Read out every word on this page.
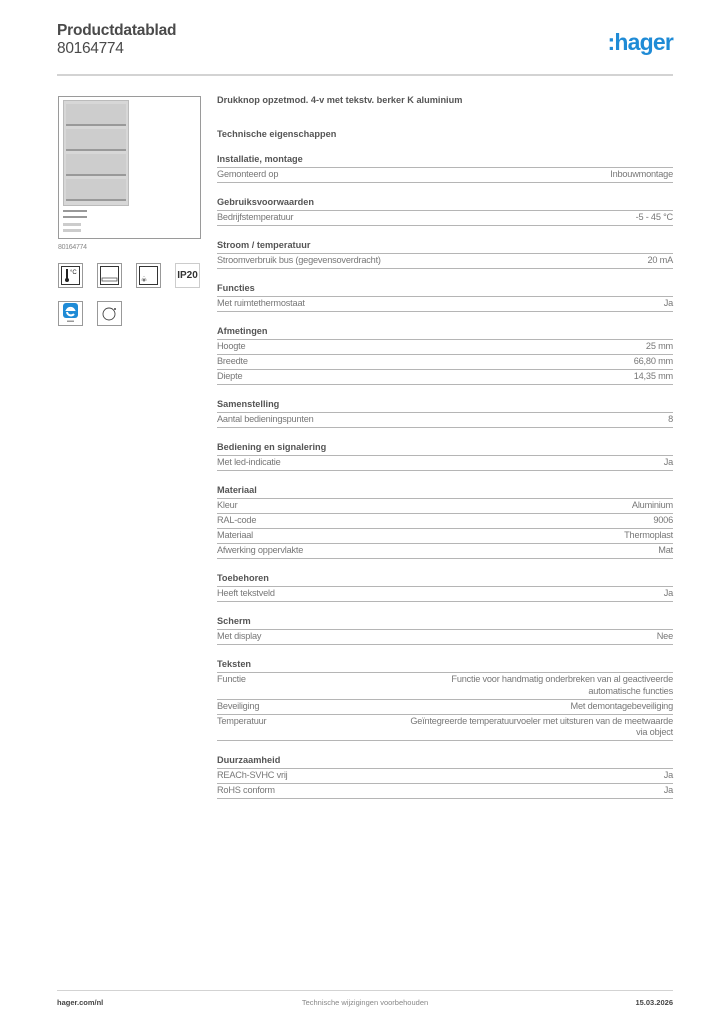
Productdatablad
80164774	:hager
80164774
°C	IP20
Drukknop opzetmod. 4-v met tekstv. berker K aluminium
Technische eigenschappen
Installatie, montage
Gemonteerd op	Inbouwmontage
Gebruiksvoorwaarden
Bedrijfstemperatuur	-5 - 45 °C
Stroom / temperatuur
Stroomverbruik bus (gegevensoverdracht)	20 mA
Functies
Met ruimtethermostaat	Ja
Afmetingen
Hoogte	25 mm
Breedte	66,80 mm
Diepte	14,35 mm
Samenstelling
Aantal bedieningspunten	8
Bediening en signalering
Met led-indicatie	Ja
Materiaal
Kleur	Aluminium
RAL-code	9006
Materiaal	Thermoplast
Afwerking oppervlakte	Mat
Toebehoren
Heeft tekstveld	Ja
Scherm
Met display	Nee
Teksten
Functie	Functie voor handmatig onderbreken van al geactiveerde automatische functies
Beveiliging	Met demontagebeveiliging
Temperatuur	Geïntegreerde temperatuurvoeler met uitsturen van de meetwaarde via object
Duurzaamheid
REACh-SVHC vrij	Ja
RoHS conform	Ja
hager.com/nl	Technische wijzigingen voorbehouden	15.03.2026
